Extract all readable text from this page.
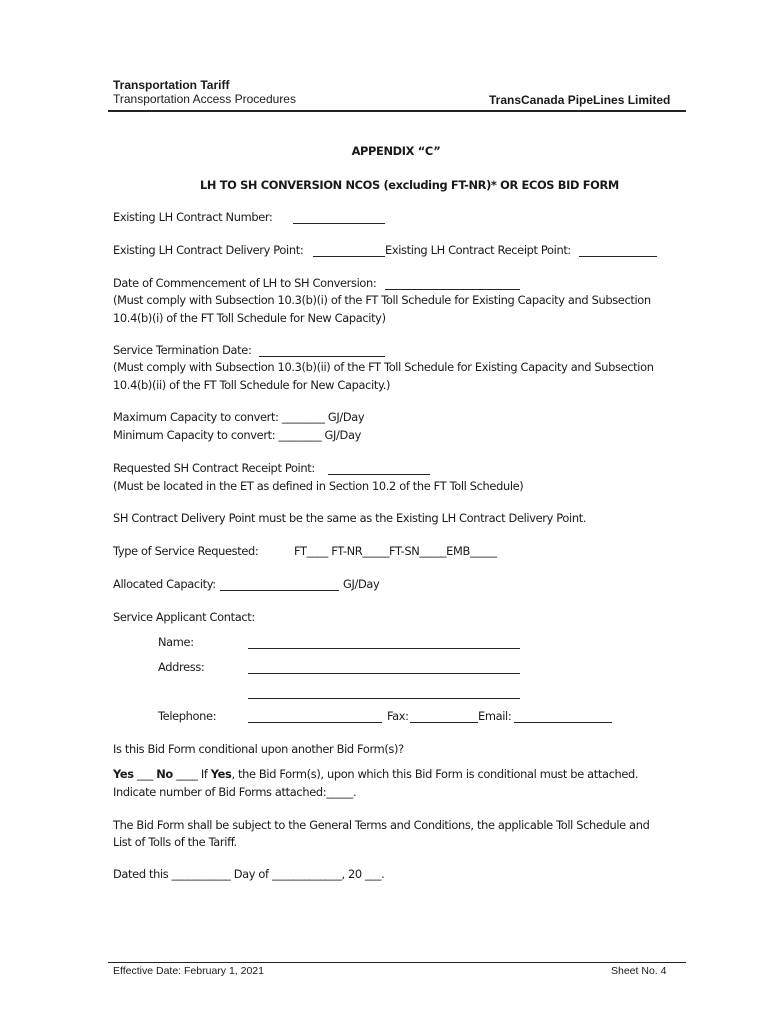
Transportation Tariff
Transportation Access Procedures	TransCanada PipeLines Limited
APPENDIX “C”
LH TO SH CONVERSION NCOS (excluding FT-NR)* OR ECOS BID FORM
Existing LH Contract Number:
Existing LH Contract Delivery Point:	Existing LH Contract Receipt Point:
Date of Commencement of LH to SH Conversion:
(Must comply with Subsection 10.3(b)(i) of the FT Toll Schedule for Existing Capacity and Subsection
10.4(b)(i) of the FT Toll Schedule for New Capacity)
Service Termination Date:
(Must comply with Subsection 10.3(b)(ii) of the FT Toll Schedule for Existing Capacity and Subsection
10.4(b)(ii) of the FT Toll Schedule for New Capacity.)
Maximum Capacity to convert: ________ GJ/Day
Minimum Capacity to convert: ________ GJ/Day
Requested SH Contract Receipt Point:
(Must be located in the ET as defined in Section 10.2 of the FT Toll Schedule)
SH Contract Delivery Point must be the same as the Existing LH Contract Delivery Point.
Type of Service Requested:	FT____ FT-NR_____FT-SN_____EMB_____
Allocated Capacity:	GJ/Day
Service Applicant Contact:
Name:
Address:
Telephone:	Fax:	Email:
Is this Bid Form conditional upon another Bid Form(s)?
Yes ___ No ____ If Yes, the Bid Form(s), upon which this Bid Form is conditional must be attached.
Indicate number of Bid Forms attached:_____.
The Bid Form shall be subject to the General Terms and Conditions, the applicable Toll Schedule and
List of Tolls of the Tariff.
Dated this ___________ Day of _____________, 20 ___.
Effective Date: February 1, 2021	Sheet No. 4
